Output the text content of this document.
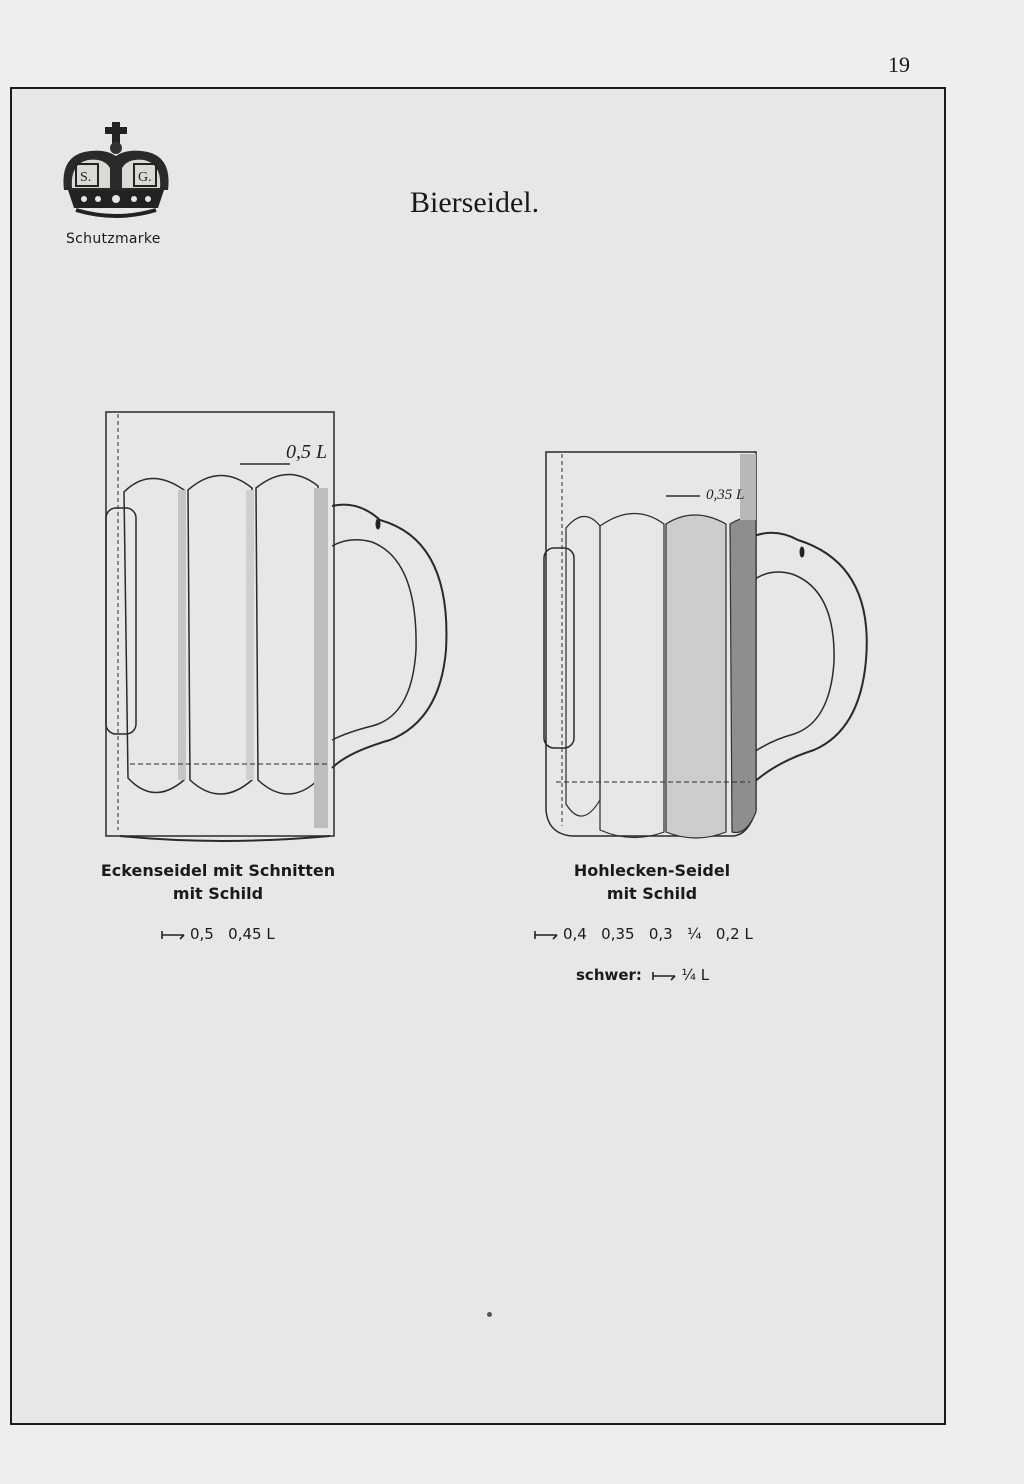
19
S.	G.
Schutzmarke
Bierseidel.
0,5 L
0,35 L
Eckenseidel mit Schnitten
mit Schild
0,5   0,45 L
Hohlecken-Seidel
mit Schild
0,4   0,35   0,3   ¼   0,2 L
schwer:	¼ L
